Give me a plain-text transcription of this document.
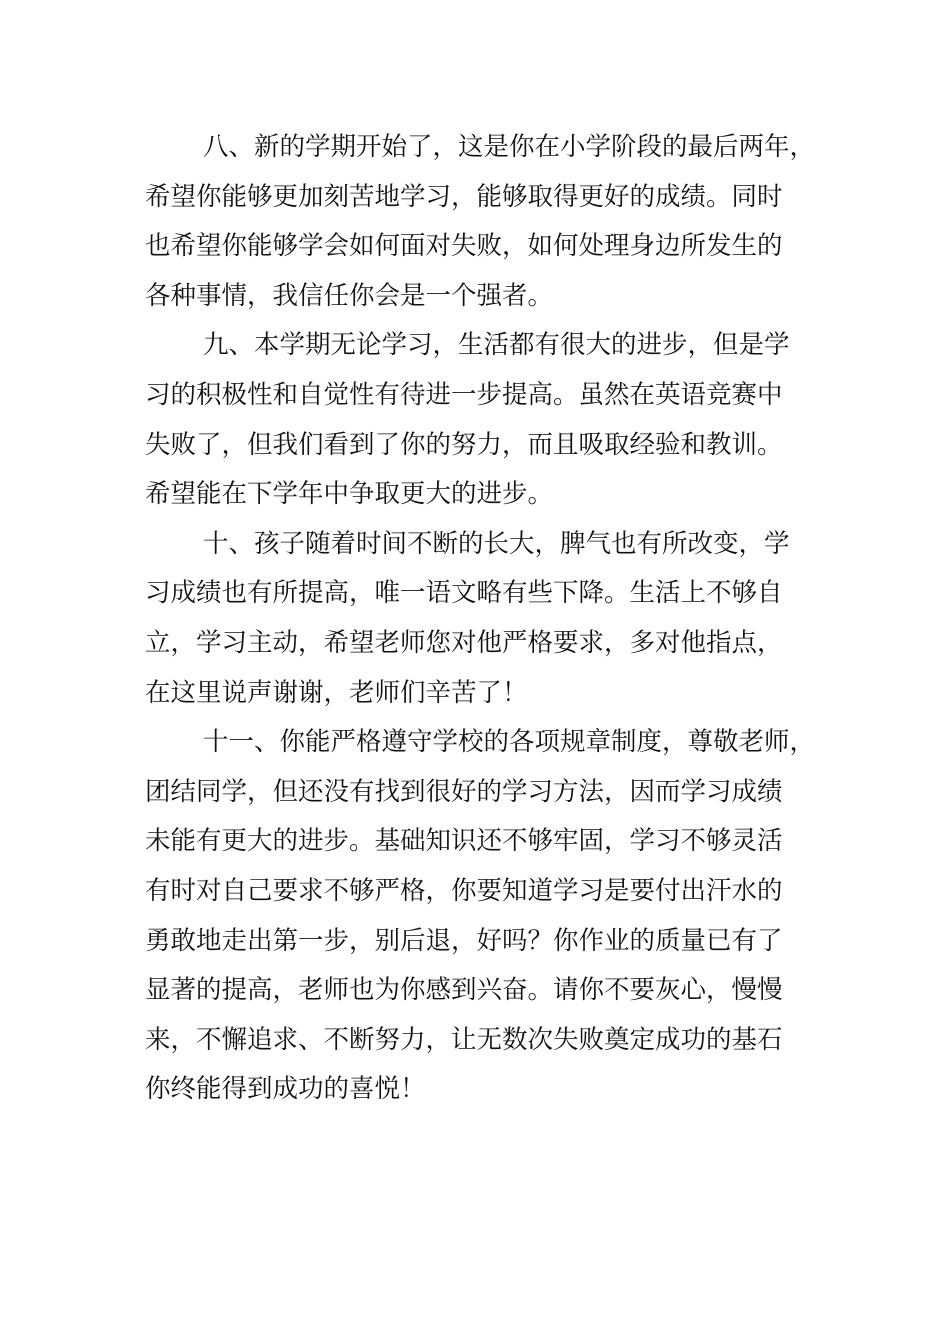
八、新的学期开始了，这是你在小学阶段的最后两年，
希望你能够更加刻苦地学习，能够取得更好的成绩。同时
也希望你能够学会如何面对失败，如何处理身边所发生的
各种事情，我信任你会是一个强者。
九、本学期无论学习，生活都有很大的进步，但是学
习的积极性和自觉性有待进一步提高。虽然在英语竞赛中
失败了，但我们看到了你的努力，而且吸取经验和教训。
希望能在下学年中争取更大的进步。
十、孩子随着时间不断的长大，脾气也有所改变，学
习成绩也有所提高，唯一语文略有些下降。生活上不够自
立，学习主动，希望老师您对他严格要求，多对他指点，
在这里说声谢谢，老师们辛苦了！
十一、你能严格遵守学校的各项规章制度，尊敬老师，
团结同学，但还没有找到很好的学习方法，因而学习成绩
未能有更大的进步。基础知识还不够牢固，学习不够灵活
有时对自己要求不够严格，你要知道学习是要付出汗水的
勇敢地走出第一步，别后退，好吗？你作业的质量已有了
显著的提高，老师也为你感到兴奋。请你不要灰心，慢慢
来，不懈追求、不断努力，让无数次失败奠定成功的基石
你终能得到成功的喜悦！
